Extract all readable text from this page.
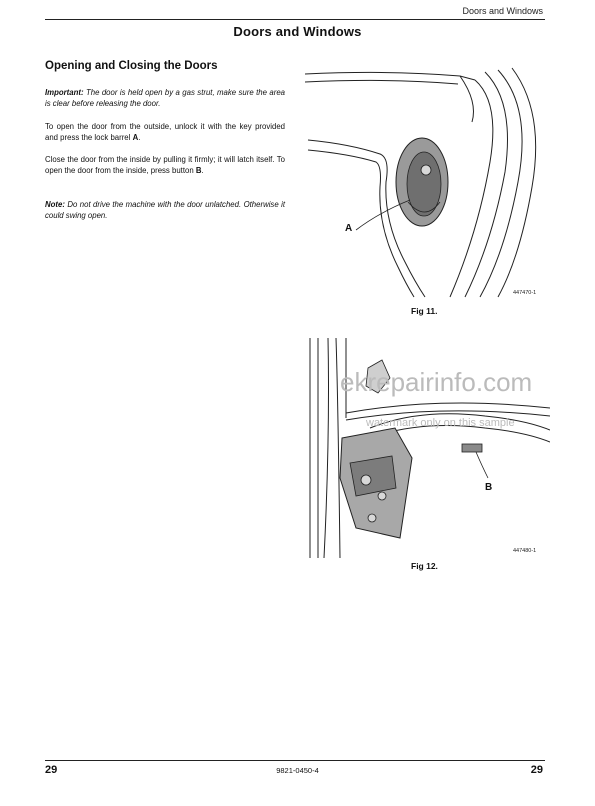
Doors and Windows
Doors and Windows
Opening and Closing the Doors
Important: The door is held open by a gas strut, make sure the area is clear before releasing the door.
To open the door from the outside, unlock it with the key provided and press the lock barrel A.
Close the door from the inside by pulling it firmly; it will latch itself. To open the door from the inside, press button B.
Note: Do not drive the machine with the door unlatched. Otherwise it could swing open.
A
447470-1
Fig 11.
B
447480-1
Fig 12.
ekrepairinfo.com
watermark only on this sample
29	9821-0450-4	29
